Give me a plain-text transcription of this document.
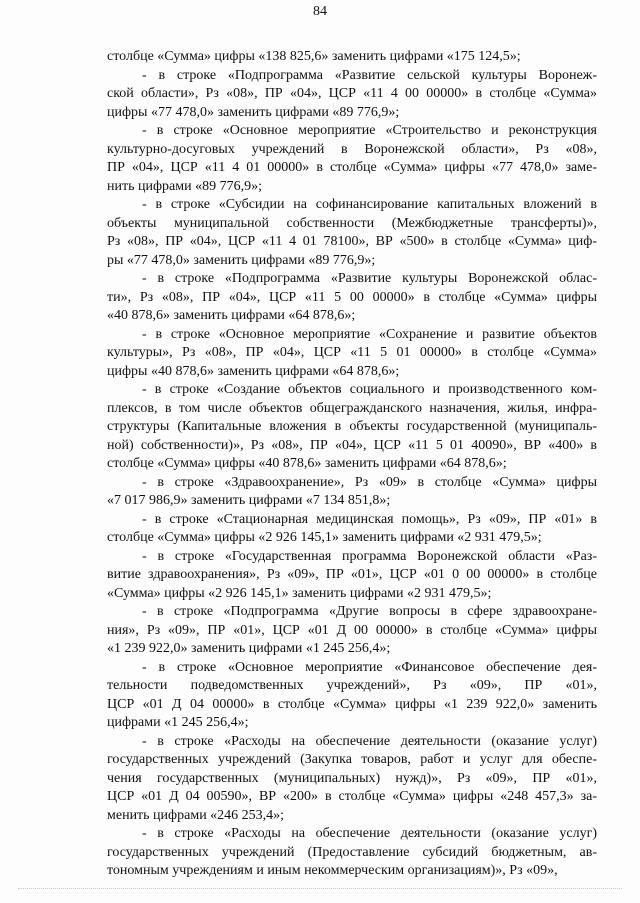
84
столбце «Сумма» цифры «138 825,6» заменить цифрами «175 124,5»;
- в строке «Подпрограмма «Развитие сельской культуры Воронеж-
ской области», Рз «08», ПР «04», ЦСР «11 4 00 00000» в столбце «Сумма»
цифры «77 478,0» заменить цифрами «89 776,9»;
- в строке «Основное мероприятие «Строительство и реконструкция
культурно-досуговых учреждений в Воронежской области», Рз «08»,
ПР «04», ЦСР «11 4 01 00000» в столбце «Сумма» цифры «77 478,0» заме-
нить цифрами «89 776,9»;
- в строке «Субсидии на софинансирование капитальных вложений в
объекты муниципальной собственности (Межбюджетные трансферты)»,
Рз «08», ПР «04», ЦСР «11 4 01 78100», ВР «500» в столбце «Сумма» циф-
ры «77 478,0» заменить цифрами «89 776,9»;
- в строке «Подпрограмма «Развитие культуры Воронежской облас-
ти», Рз «08», ПР «04», ЦСР «11 5 00 00000» в столбце «Сумма» цифры
«40 878,6» заменить цифрами «64 878,6»;
- в строке «Основное мероприятие «Сохранение и развитие объектов
культуры», Рз «08», ПР «04», ЦСР «11 5 01 00000» в столбце «Сумма»
цифры «40 878,6» заменить цифрами «64 878,6»;
- в строке «Создание объектов социального и производственного ком-
плексов, в том числе объектов общегражданского назначения, жилья, инфра-
структуры (Капитальные вложения в объекты государственной (муниципаль-
ной) собственности)», Рз «08», ПР «04», ЦСР «11 5 01 40090», ВР «400» в
столбце «Сумма» цифры «40 878,6» заменить цифрами «64 878,6»;
- в строке «Здравоохранение», Рз «09» в столбце «Сумма» цифры
«7 017 986,9» заменить цифрами «7 134 851,8»;
- в строке «Стационарная медицинская помощь», Рз «09», ПР «01» в
столбце «Сумма» цифры «2 926 145,1» заменить цифрами «2 931 479,5»;
- в строке «Государственная программа Воронежской области «Раз-
витие здравоохранения», Рз «09», ПР «01», ЦСР «01 0 00 00000» в столбце
«Сумма» цифры «2 926 145,1» заменить цифрами «2 931 479,5»;
- в строке «Подпрограмма «Другие вопросы в сфере здравоохране-
ния», Рз «09», ПР «01», ЦСР «01 Д 00 00000» в столбце «Сумма» цифры
«1 239 922,0» заменить цифрами «1 245 256,4»;
- в строке «Основное мероприятие «Финансовое обеспечение дея-
тельности подведомственных учреждений», Рз «09», ПР «01»,
ЦСР «01 Д 04 00000» в столбце «Сумма» цифры «1 239 922,0» заменить
цифрами «1 245 256,4»;
- в строке «Расходы на обеспечение деятельности (оказание услуг)
государственных учреждений (Закупка товаров, работ и услуг для обеспе-
чения государственных (муниципальных) нужд)», Рз «09», ПР «01»,
ЦСР «01 Д 04 00590», ВР «200» в столбце «Сумма» цифры «248 457,3» за-
менить цифрами «246 253,4»;
- в строке «Расходы на обеспечение деятельности (оказание услуг)
государственных учреждений (Предоставление субсидий бюджетным, ав-
тономным учреждениям и иным некоммерческим организациям)», Рз «09»,
